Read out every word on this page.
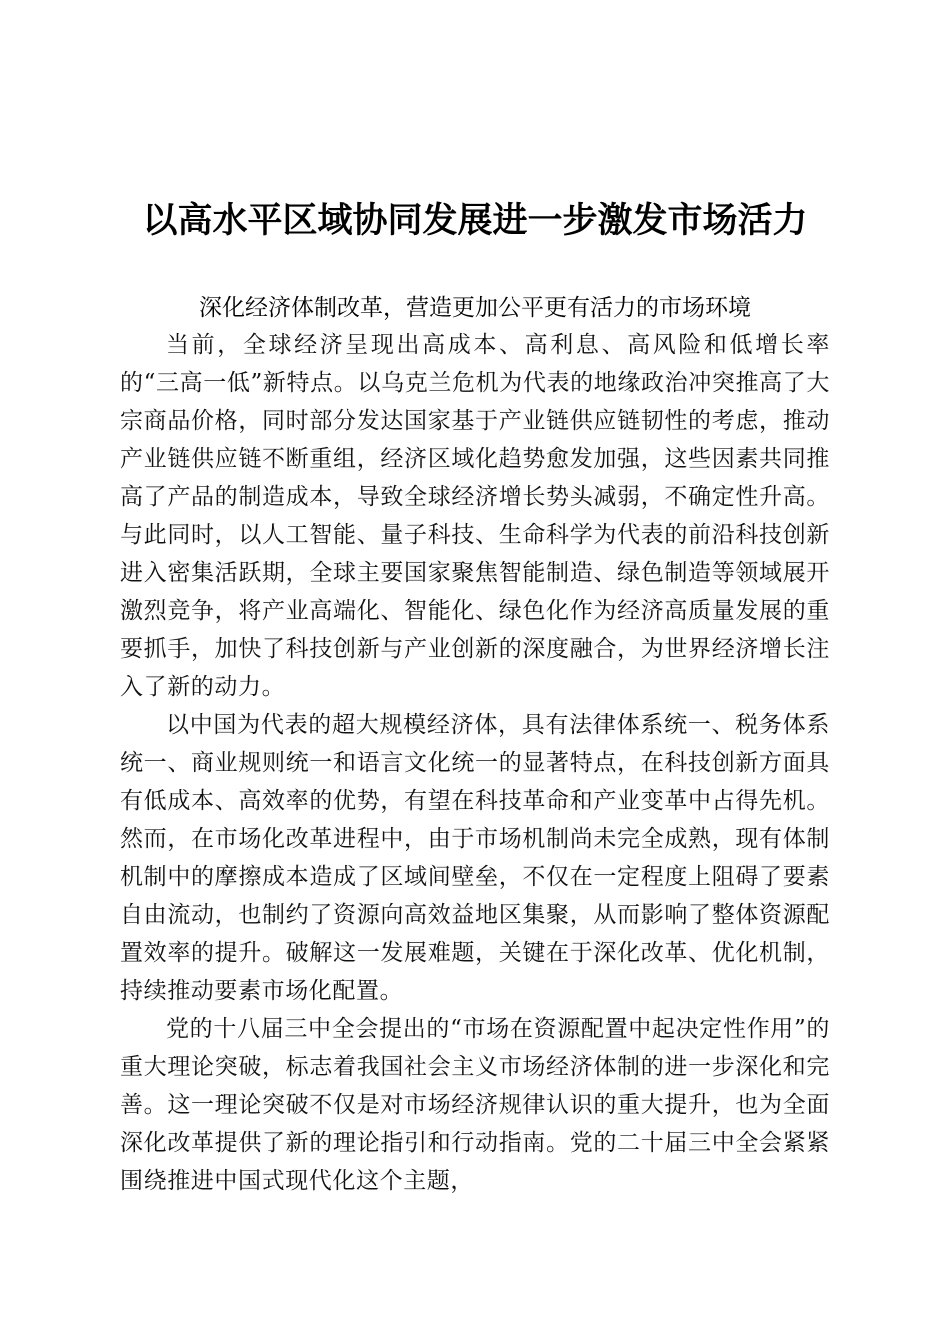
以高水平区域协同发展进一步激发市场活力
深化经济体制改革，营造更加公平更有活力的市场环境

当前，全球经济呈现出高成本、高利息、高风险和低增长率的“三高一低”新特点。以乌克兰危机为代表的地缘政治冲突推高了大宗商品价格，同时部分发达国家基于产业链供应链韧性的考虑，推动产业链供应链不断重组，经济区域化趋势愈发加强，这些因素共同推高了产品的制造成本，导致全球经济增长势头减弱，不确定性升高。与此同时，以人工智能、量子科技、生命科学为代表的前沿科技创新进入密集活跃期，全球主要国家聚焦智能制造、绿色制造等领域展开激烈竞争，将产业高端化、智能化、绿色化作为经济高质量发展的重要抓手，加快了科技创新与产业创新的深度融合，为世界经济增长注入了新的动力。

以中国为代表的超大规模经济体，具有法律体系统一、税务体系统一、商业规则统一和语言文化统一的显著特点，在科技创新方面具有低成本、高效率的优势，有望在科技革命和产业变革中占得先机。然而，在市场化改革进程中，由于市场机制尚未完全成熟，现有体制机制中的摩擦成本造成了区域间壁垒，不仅在一定程度上阻碍了要素自由流动，也制约了资源向高效益地区集聚，从而影响了整体资源配置效率的提升。破解这一发展难题，关键在于深化改革、优化机制，持续推动要素市场化配置。

党的十八届三中全会提出的“市场在资源配置中起决定性作用”的重大理论突破，标志着我国社会主义市场经济体制的进一步深化和完善。这一理论突破不仅是对市场经济规律认识的重大提升，也为全面深化改革提供了新的理论指引和行动指南。党的二十届三中全会紧紧围绕推进中国式现代化这个主题，
